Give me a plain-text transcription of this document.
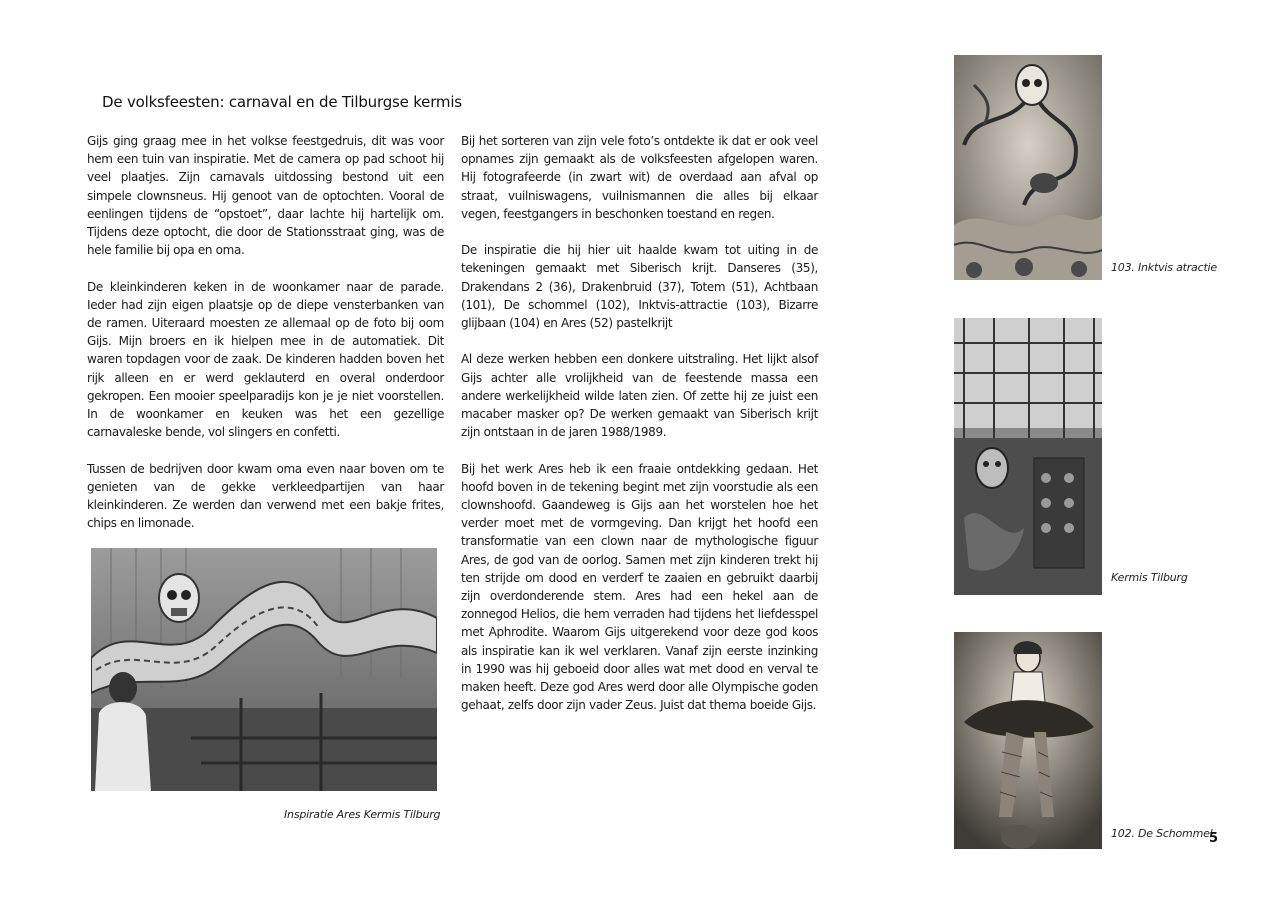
De volksfeesten: carnaval en de Tilburgse kermis

Gijs ging graag mee in het volkse feestgedruis, dit was voor hem een tuin van inspiratie. Met de camera op pad schoot hij veel plaatjes. Zijn carnavals uitdossing bestond uit een simpele clownsneus. Hij genoot van de optochten. Vooral de eenlingen tijdens de “opstoet”, daar lachte hij hartelijk om. Tijdens deze optocht, die door de Stationsstraat ging, was de hele familie bij opa en oma.

De kleinkinderen keken in de woonkamer naar de parade. Ieder had zijn eigen plaatsje op de diepe vensterbanken van de ramen. Uiteraard moesten ze allemaal op de foto bij oom Gijs. Mijn broers en ik hielpen mee in de automatiek. Dit waren topdagen voor de zaak. De kinderen hadden boven het rijk alleen en er werd geklauterd en overal onderdoor gekropen. Een mooier speelparadijs kon je je niet voorstellen. In de woonkamer en keuken was het een gezellige carnavaleske bende, vol slingers en confetti.

Tussen de bedrijven door kwam oma even naar boven om te genieten van de gekke verkleedpartijen van haar kleinkinderen. Ze werden dan verwend met een bakje frites, chips en limonade.

Bij het sorteren van zijn vele foto’s ontdekte ik dat er ook veel opnames zijn gemaakt als de volksfeesten afgelopen waren. Hij fotografeerde (in zwart wit) de overdaad aan afval op straat, vuilniswagens, vuilnismannen die alles bij elkaar vegen, feestgangers in beschonken toestand en regen.

De inspiratie die hij hier uit haalde kwam tot uiting in de tekeningen gemaakt met Siberisch krijt. Danseres (35), Drakendans 2 (36), Drakenbruid (37), Totem (51), Achtbaan (101), De schommel (102), Inktvis-attractie (103), Bizarre glijbaan (104) en Ares (52) pastelkrijt

Al deze werken hebben een donkere uitstraling. Het lijkt alsof Gijs achter alle vrolijkheid van de feestende massa een andere werkelijkheid wilde laten zien. Of zette hij ze juist een macaber masker op? De werken gemaakt van Siberisch krijt zijn ontstaan in de jaren 1988/1989.

Bij het werk Ares heb ik een fraaie ontdekking gedaan. Het hoofd boven in de tekening begint met zijn voorstudie als een clownshoofd. Gaandeweg is Gijs aan het worstelen hoe het verder moet met de vormgeving. Dan krijgt het hoofd een transformatie van een clown naar de mythologische figuur Ares, de god van de oorlog. Samen met zijn kinderen trekt hij ten strijde om dood en verderf te zaaien en gebruikt daarbij zijn overdonderende stem. Ares had een hekel aan de zonnegod Helios, die hem verraden had tijdens het liefdesspel met Aphrodite. Waarom Gijs uitgerekend voor deze god koos als inspiratie kan ik wel verklaren. Vanaf zijn eerste inzinking in 1990 was hij geboeid door alles wat met dood en verval te maken heeft. Deze god Ares werd door alle Olympische goden gehaat, zelfs door zijn vader Zeus. Juist dat thema boeide Gijs.

Inspiratie Ares Kermis Tilburg
103. Inktvis atractie
Kermis Tilburg
102. De Schommel
5
